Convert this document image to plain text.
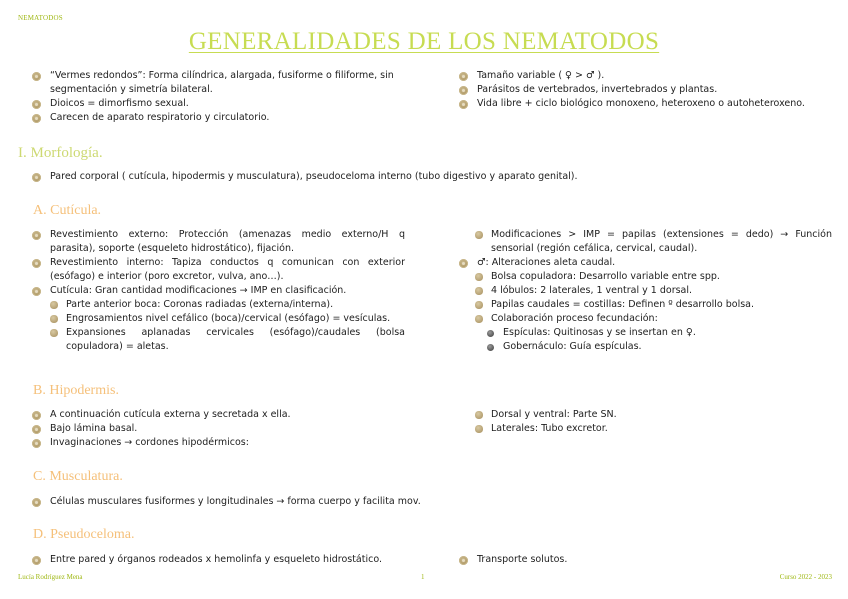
NEMATODOS
GENERALIDADES DE LOS NEMATODOS
“Vermes redondos”: Forma cilíndrica, alargada, fusiforme o filiforme, sin segmentación y simetría bilateral.
Dioicos = dimorfismo sexual.
Carecen de aparato respiratorio y circulatorio.
Tamaño variable ( ♀ > ♂ ).
Parásitos de vertebrados, invertebrados y plantas.
Vida libre + ciclo biológico monoxeno, heteroxeno o autoheteroxeno.
I. Morfología.
Pared corporal ( cutícula, hipodermis y musculatura), pseudoceloma interno (tubo digestivo y aparato genital).
A. Cutícula.
Revestimiento externo: Protección (amenazas medio externo/H q parasita), soporte (esqueleto hidrostático), fijación.
Revestimiento interno: Tapiza conductos q comunican con exterior (esófago) e interior (poro excretor, vulva, ano…).
Cutícula: Gran cantidad modificaciones → IMP en clasificación.
Parte anterior boca: Coronas radiadas (externa/interna).
Engrosamientos nivel cefálico (boca)/cervical (esófago) = vesículas.
Expansiones aplanadas cervicales (esófago)/caudales (bolsa copuladora) = aletas.
Modificaciones > IMP = papilas (extensiones = dedo) → Función sensorial (región cefálica, cervical, caudal).
♂: Alteraciones aleta caudal.
Bolsa copuladora: Desarrollo variable entre spp.
4 lóbulos: 2 laterales, 1 ventral y 1 dorsal.
Papilas caudales = costillas: Definen º desarrollo bolsa.
Colaboración proceso fecundación:
Espículas: Quitinosas y se insertan en ♀.
Gobernáculo: Guía espículas.
B. Hipodermis.
A continuación cutícula externa y secretada x ella.
Bajo lámina basal.
Invaginaciones → cordones hipodérmicos:
Dorsal y ventral: Parte SN.
Laterales: Tubo excretor.
C. Musculatura.
Células musculares fusiformes y longitudinales → forma cuerpo y facilita mov.
D. Pseudoceloma.
Entre pared y órganos rodeados x hemolinfa y esqueleto hidrostático.	Transporte solutos.
Lucía Rodríguez Mena	1	Curso 2022 - 2023
